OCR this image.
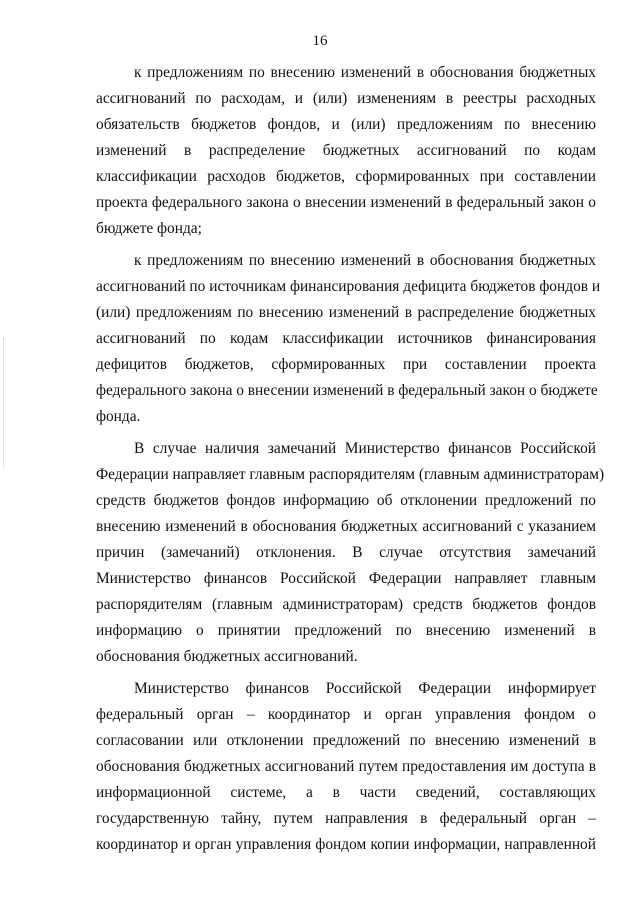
16
к предложениям по внесению изменений в обоснования бюджетных
ассигнований по расходам, и (или) изменениям в реестры расходных
обязательств бюджетов фондов, и (или) предложениям по внесению
изменений в распределение бюджетных ассигнований по кодам
классификации расходов бюджетов, сформированных при составлении
проекта федерального закона о внесении изменений в федеральный закон о
бюджете фонда;
к предложениям по внесению изменений в обоснования бюджетных
ассигнований по источникам финансирования дефицита бюджетов фондов и
(или) предложениям по внесению изменений в распределение бюджетных
ассигнований по кодам классификации источников финансирования
дефицитов бюджетов, сформированных при составлении проекта
федерального закона о внесении изменений в федеральный закон о бюджете
фонда.
В случае наличия замечаний Министерство финансов Российской
Федерации направляет главным распорядителям (главным администраторам)
средств бюджетов фондов информацию об отклонении предложений по
внесению изменений в обоснования бюджетных ассигнований с указанием
причин (замечаний) отклонения. В случае отсутствия замечаний
Министерство финансов Российской Федерации направляет главным
распорядителям (главным администраторам) средств бюджетов фондов
информацию о принятии предложений по внесению изменений в
обоснования бюджетных ассигнований.
Министерство финансов Российской Федерации информирует
федеральный орган – координатор и орган управления фондом о
согласовании или отклонении предложений по внесению изменений в
обоснования бюджетных ассигнований путем предоставления им доступа в
информационной системе, а в части сведений, составляющих
государственную тайну, путем направления в федеральный орган –
координатор и орган управления фондом копии информации, направленной
